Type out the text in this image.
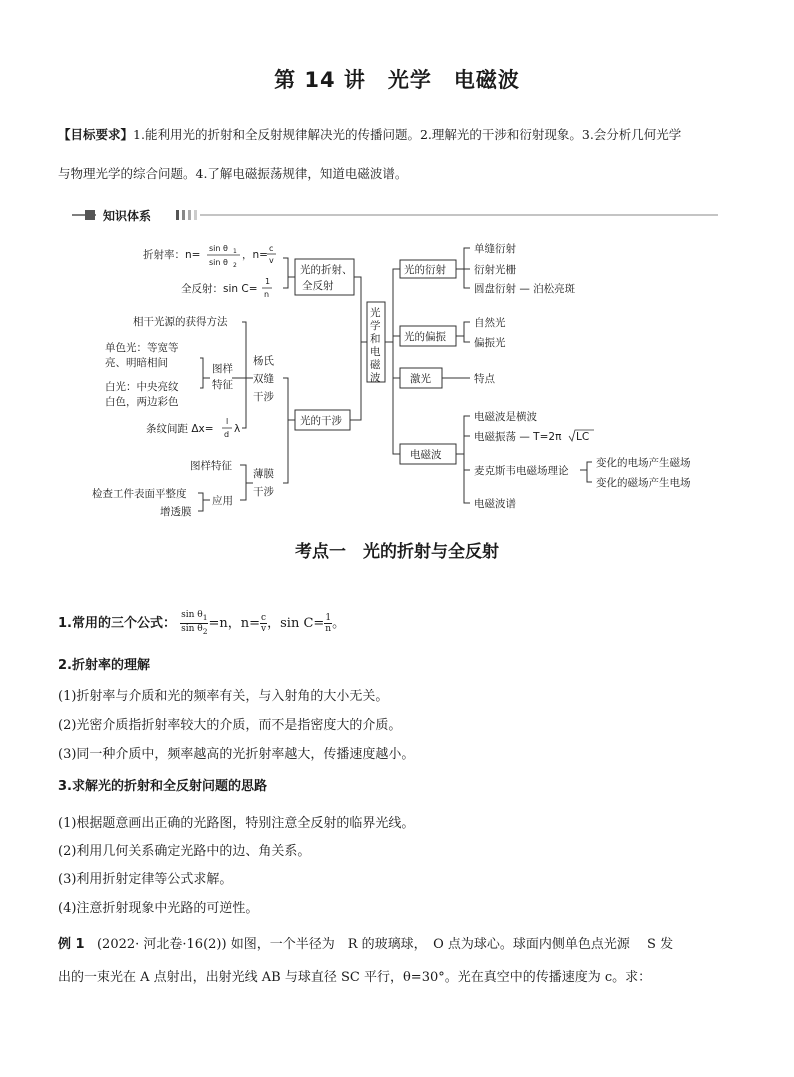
第 14 讲　光学　电磁波
【目标要求】1.能利用光的折射和全反射规律解决光的传播问题。2.理解光的干涉和衍射现象。3.会分析几何光学
与物理光学的综合问题。4.了解电磁振荡规律，知道电磁波谱。
知识体系
折射率：n=
sin θ 1
sin θ 2
，n=
c
v
全反射：sin C=
1
n
光的折射、
全反射
光
学
和
电
磁
波
光的干涉
杨氏
双缝
干涉
相干光源的获得方法
单色光：等宽等
亮、明暗相间
白光：中央亮纹
白色，两边彩色
图样
特征
条纹间距 Δx=
l
d λ
薄膜
干涉
图样特征
应用
检查工件表面平整度
增透膜
光的衍射
单缝衍射
衍射光栅
圆盘衍射 — 泊松亮斑
光的偏振
自然光
偏振光
激光	特点
电磁波
电磁波是横波
电磁振荡 — T=2π LC
麦克斯韦电磁场理论
变化的电场产生磁场
变化的磁场产生电场
电磁波谱
考点一　光的折射与全反射
1.常用的三个公式： $\frac{\sin \theta_1}{\sin \theta_2} =n$，$n= \frac{c}{v}$ ，$\sin C= \frac{1}{n}$ 。
2.折射率的理解
(1)折射率与介质和光的频率有关，与入射角的大小无关。
(2)光密介质指折射率较大的介质，而不是指密度大的介质。
(3)同一种介质中，频率越高的光折射率越大，传播速度越小。
3.求解光的折射和全反射问题的思路
(1)根据题意画出正确的光路图，特别注意全反射的临界光线。
(2)利用几何关系确定光路中的边、角关系。
(3)利用折射定律等公式求解。
(4)注意折射现象中光路的可逆性。
例 1 (2022· 河北卷·16(2)) 如图，一个半径为　R 的玻璃球，　O 点为球心。球面内侧单色点光源　 S 发
出的一束光在 A 点射出，出射光线 AB 与球直径 SC 平行，θ=30°。光在真空中的传播速度为 c。求：
